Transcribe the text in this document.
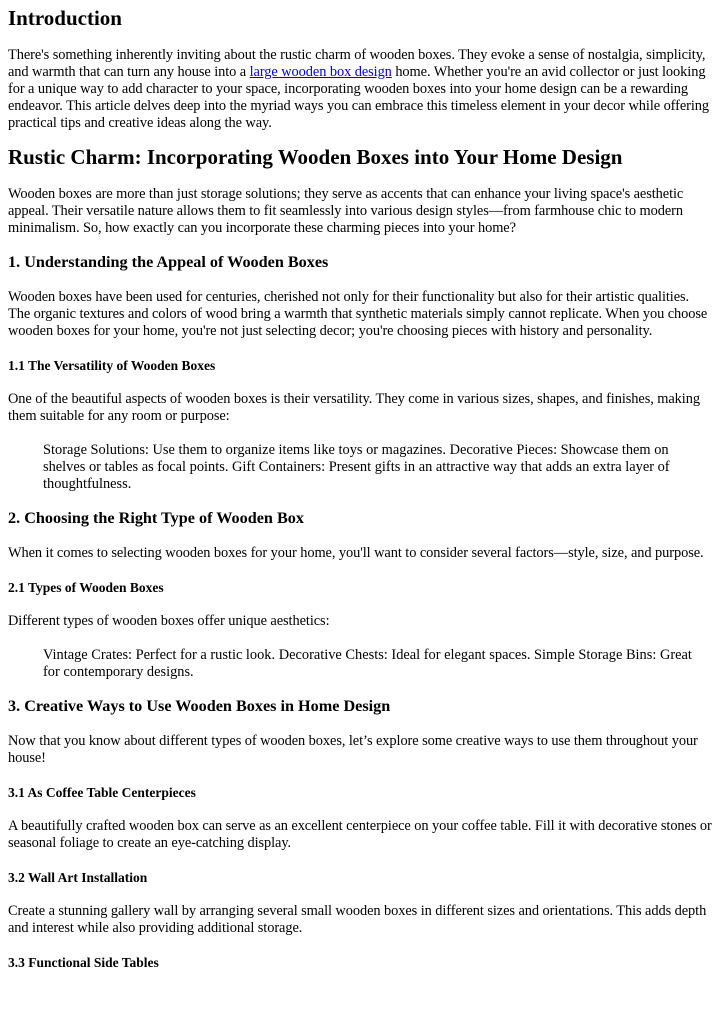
Introduction

There's something inherently inviting about the rustic charm of wooden boxes. They evoke a sense of nostalgia, simplicity, and warmth that can turn any house into a large wooden box design home. Whether you're an avid collector or just looking for a unique way to add character to your space, incorporating wooden boxes into your home design can be a rewarding endeavor. This article delves deep into the myriad ways you can embrace this timeless element in your decor while offering practical tips and creative ideas along the way.

Rustic Charm: Incorporating Wooden Boxes into Your Home Design

Wooden boxes are more than just storage solutions; they serve as accents that can enhance your living space's aesthetic appeal. Their versatile nature allows them to fit seamlessly into various design styles—from farmhouse chic to modern minimalism. So, how exactly can you incorporate these charming pieces into your home?

1. Understanding the Appeal of Wooden Boxes

Wooden boxes have been used for centuries, cherished not only for their functionality but also for their artistic qualities. The organic textures and colors of wood bring a warmth that synthetic materials simply cannot replicate. When you choose wooden boxes for your home, you're not just selecting decor; you're choosing pieces with history and personality.

1.1 The Versatility of Wooden Boxes

One of the beautiful aspects of wooden boxes is their versatility. They come in various sizes, shapes, and finishes, making them suitable for any room or purpose:

Storage Solutions: Use them to organize items like toys or magazines. Decorative Pieces: Showcase them on shelves or tables as focal points. Gift Containers: Present gifts in an attractive way that adds an extra layer of thoughtfulness.
2. Choosing the Right Type of Wooden Box

When it comes to selecting wooden boxes for your home, you'll want to consider several factors—style, size, and purpose.

2.1 Types of Wooden Boxes

Different types of wooden boxes offer unique aesthetics:

Vintage Crates: Perfect for a rustic look. Decorative Chests: Ideal for elegant spaces. Simple Storage Bins: Great for contemporary designs.
3. Creative Ways to Use Wooden Boxes in Home Design

Now that you know about different types of wooden boxes, let’s explore some creative ways to use them throughout your house!

3.1 As Coffee Table Centerpieces

A beautifully crafted wooden box can serve as an excellent centerpiece on your coffee table. Fill it with decorative stones or seasonal foliage to create an eye-catching display.

3.2 Wall Art Installation

Create a stunning gallery wall by arranging several small wooden boxes in different sizes and orientations. This adds depth and interest while also providing additional storage.

3.3 Functional Side Tables
